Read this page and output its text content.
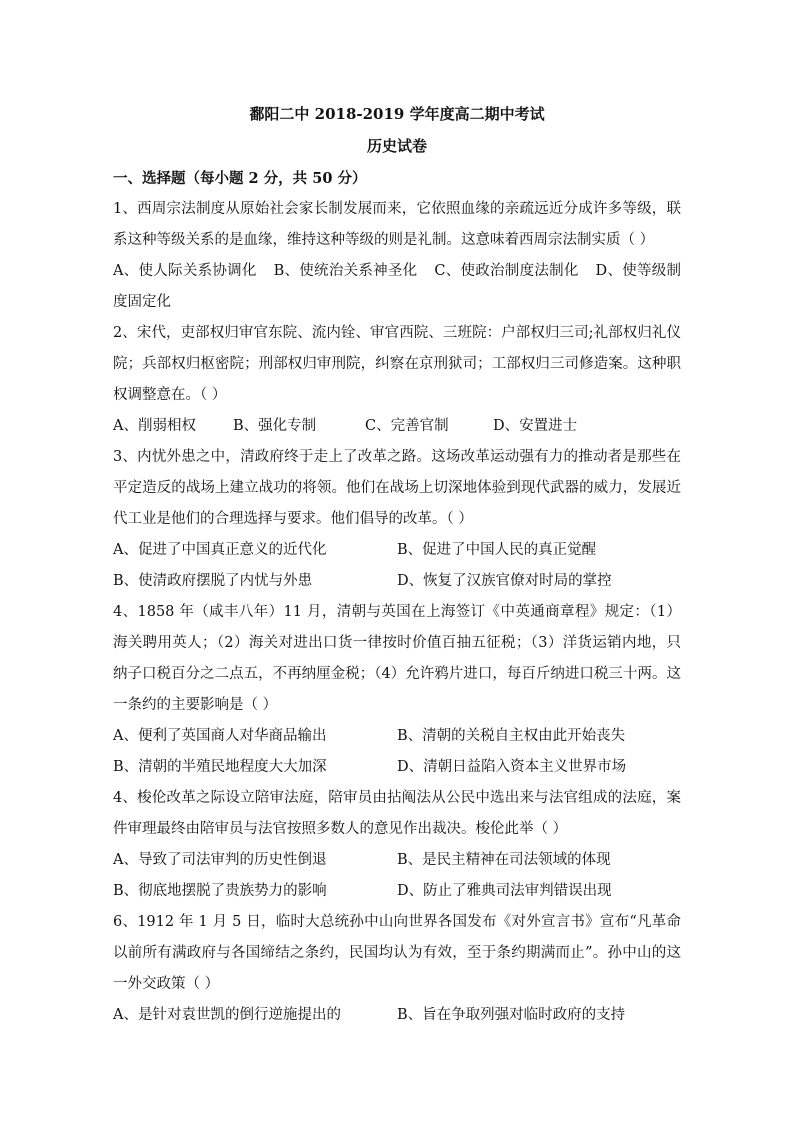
鄱阳二中 2018-2019 学年度高二期中考试
历史试卷
一、选择题（每小题 2 分，共 50 分）
1、西周宗法制度从原始社会家长制发展而来，它依照血缘的亲疏远近分成许多等级，联系这种等级关系的是血缘，维持这种等级的则是礼制。这意味着西周宗法制实质（ ）
A、使人际关系协调化 B、使统治关系神圣化 C、使政治制度法制化 D、使等级制度固定化
2、宋代，吏部权归审官东院、流内铨、审官西院、三班院：户部权归三司;礼部权归礼仪院；兵部权归枢密院；刑部权归审刑院，纠察在京刑狱司；工部权归三司修造案。这种职权调整意在。（ ）
A、削弱相权	B、强化专制	C、完善官制	D、安置进士
3、内忧外患之中，清政府终于走上了改革之路。这场改革运动强有力的推动者是那些在平定造反的战场上建立战功的将领。他们在战场上切深地体验到现代武器的威力，发展近代工业是他们的合理选择与要求。他们倡导的改革。（ ）
A、促进了中国真正意义的近代化	B、促进了中国人民的真正觉醒
B、使清政府摆脱了内忧与外患	D、恢复了汉族官僚对时局的掌控
4、1858 年（咸丰八年）11 月，清朝与英国在上海签订《中英通商章程》规定：（1）海关聘用英人；（2）海关对进出口货一律按时价值百抽五征税；（3）洋货运销内地，只纳子口税百分之二点五，不再纳厘金税；（4）允许鸦片进口，每百斤纳进口税三十两。这一条约的主要影响是（ ）
A、便利了英国商人对华商品输出	B、清朝的关税自主权由此开始丧失
B、清朝的半殖民地程度大大加深	D、清朝日益陷入资本主义世界市场
4、梭伦改革之际设立陪审法庭，陪审员由拈阄法从公民中选出来与法官组成的法庭，案件审理最终由陪审员与法官按照多数人的意见作出裁决。梭伦此举（ ）
A、导致了司法审判的历史性倒退	B、是民主精神在司法领域的体现
B、彻底地摆脱了贵族势力的影响	D、防止了雅典司法审判错误出现
6、1912 年 1 月 5 日，临时大总统孙中山向世界各国发布《对外宣言书》宣布“凡革命以前所有满政府与各国缔结之条约，民国均认为有效，至于条约期满而止”。孙中山的这一外交政策（ ）
A、是针对袁世凯的倒行逆施提出的	B、旨在争取列强对临时政府的支持
